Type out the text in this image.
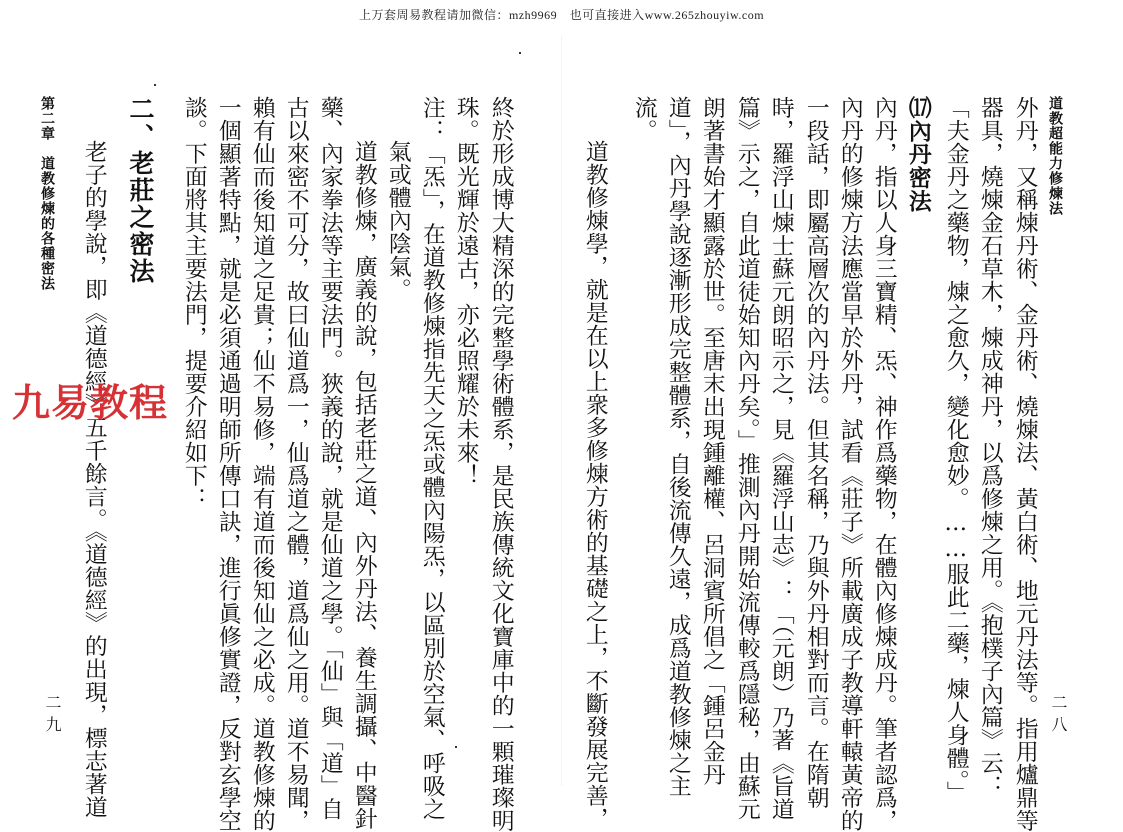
上万套周易教程请加微信：mzh9969　也可直接进入www.265zhouyiw.com
道教超能力修煉法
外丹，又稱煉丹術、金丹術、燒煉法、黃白術、地元丹法等。指用爐鼎等
器具，燒煉金石草木，煉成神丹，以爲修煉之用。《抱樸子內篇》云：
「夫金丹之藥物，煉之愈久，變化愈妙。……服此二藥，煉人身體。」
⒄內丹密法
內丹，指以人身三寶精、炁、神作爲藥物，在體內修煉成丹。筆者認爲，
內丹的修煉方法應當早於外丹，試看《莊子》所載廣成子教導軒轅黃帝的
一段話，即屬高層次的內丹法。但其名稱，乃與外丹相對而言。在隋朝
時，羅浮山煉士蘇元朗昭示之，見《羅浮山志》：「（元朗）乃著《旨道
篇》示之，自此道徒始知內丹矣。」推測內丹開始流傳較爲隱秘，由蘇元
朗著書始才顯露於世。至唐末出現鍾離權、呂洞賓所倡之「鍾呂金丹
道」，內丹學說逐漸形成完整體系，自後流傳久遠，成爲道教修煉之主
流。
道教修煉學，就是在以上衆多修煉方術的基礎之上，不斷發展完善，	二八
終於形成博大精深的完整學術體系，是民族傳統文化寶庫中的一顆璀璨明
珠。既光輝於遠古，亦必照耀於未來！
注：「炁」，在道教修煉指先天之炁或體內陽炁，以區別於空氣、呼吸之
氣或體內陰氣。
道教修煉，廣義的說，包括老莊之道、內外丹法、養生調攝、中醫針
藥、內家拳法等主要法門。狹義的說，就是仙道之學。「仙」與「道」自
古以來密不可分，故曰仙道爲一，仙爲道之體，道爲仙之用。道不易聞，
賴有仙而後知道之足貴；仙不易修，端有道而後知仙之必成。道教修煉的
一個顯著特點，就是必須通過明師所傳口訣，進行眞修實證，反對玄學空
談。下面將其主要法門，提要介紹如下：
二、老莊之密法
老子的學說，即《道德經》五千餘言。《道德經》的出現，標志著道
第二章　道教修煉的各種密法
二九
九易教程
